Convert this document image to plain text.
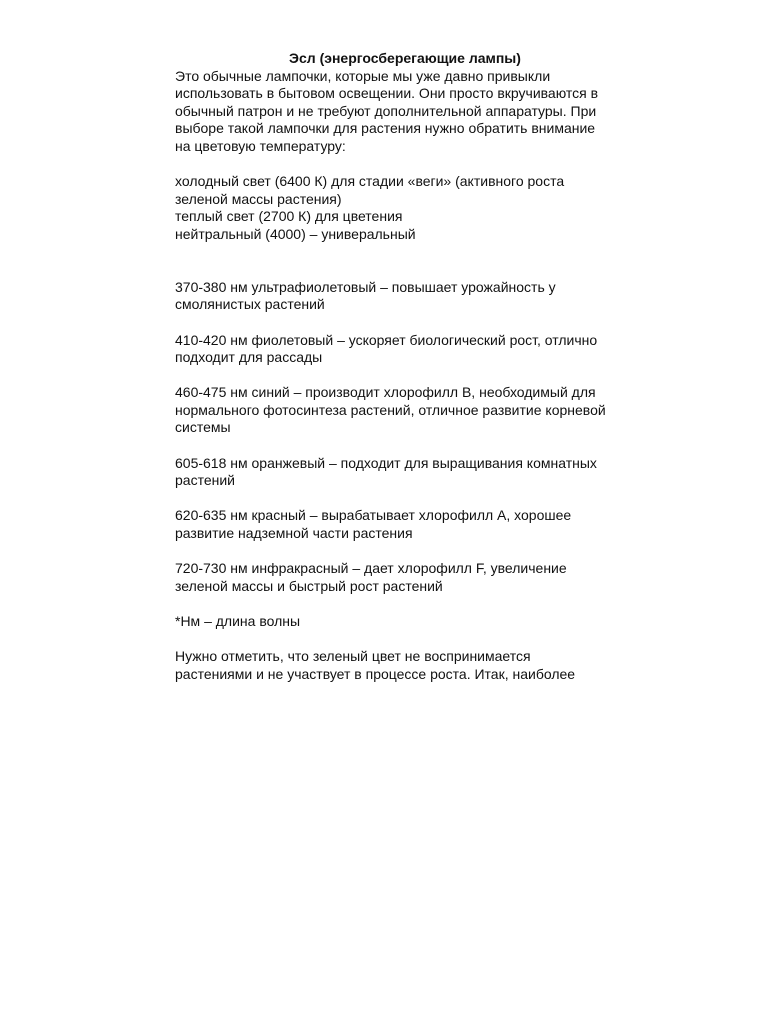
Эсл (энергосберегающие лампы)

Это обычные лампочки, которые мы уже давно привыкли
использовать в бытовом освещении. Они просто вкручиваются в
обычный патрон и не требуют дополнительной аппаратуры. При
выборе такой лампочки для растения нужно обратить внимание
на цветовую температуру:

холодный свет (6400 К) для стадии «веги» (активного роста
зеленой массы растения)
теплый свет (2700 К) для цветения
нейтральный (4000) – универальный

370-380 нм ультрафиолетовый – повышает урожайность у
смолянистых растений

410-420 нм фиолетовый – ускоряет биологический рост, отлично
подходит для рассады

460-475 нм синий – производит хлорофилл В, необходимый для
нормального фотосинтеза растений, отличное развитие корневой
системы

605-618 нм оранжевый – подходит для выращивания комнатных
растений

620-635 нм красный – вырабатывает хлорофилл А, хорошее
развитие надземной части растения

720-730 нм инфракрасный – дает хлорофилл F, увеличение
зеленой массы и быстрый рост растений

*Нм – длина волны

Нужно отметить, что зеленый цвет не воспринимается
растениями и не участвует в процессе роста. Итак, наиболее
